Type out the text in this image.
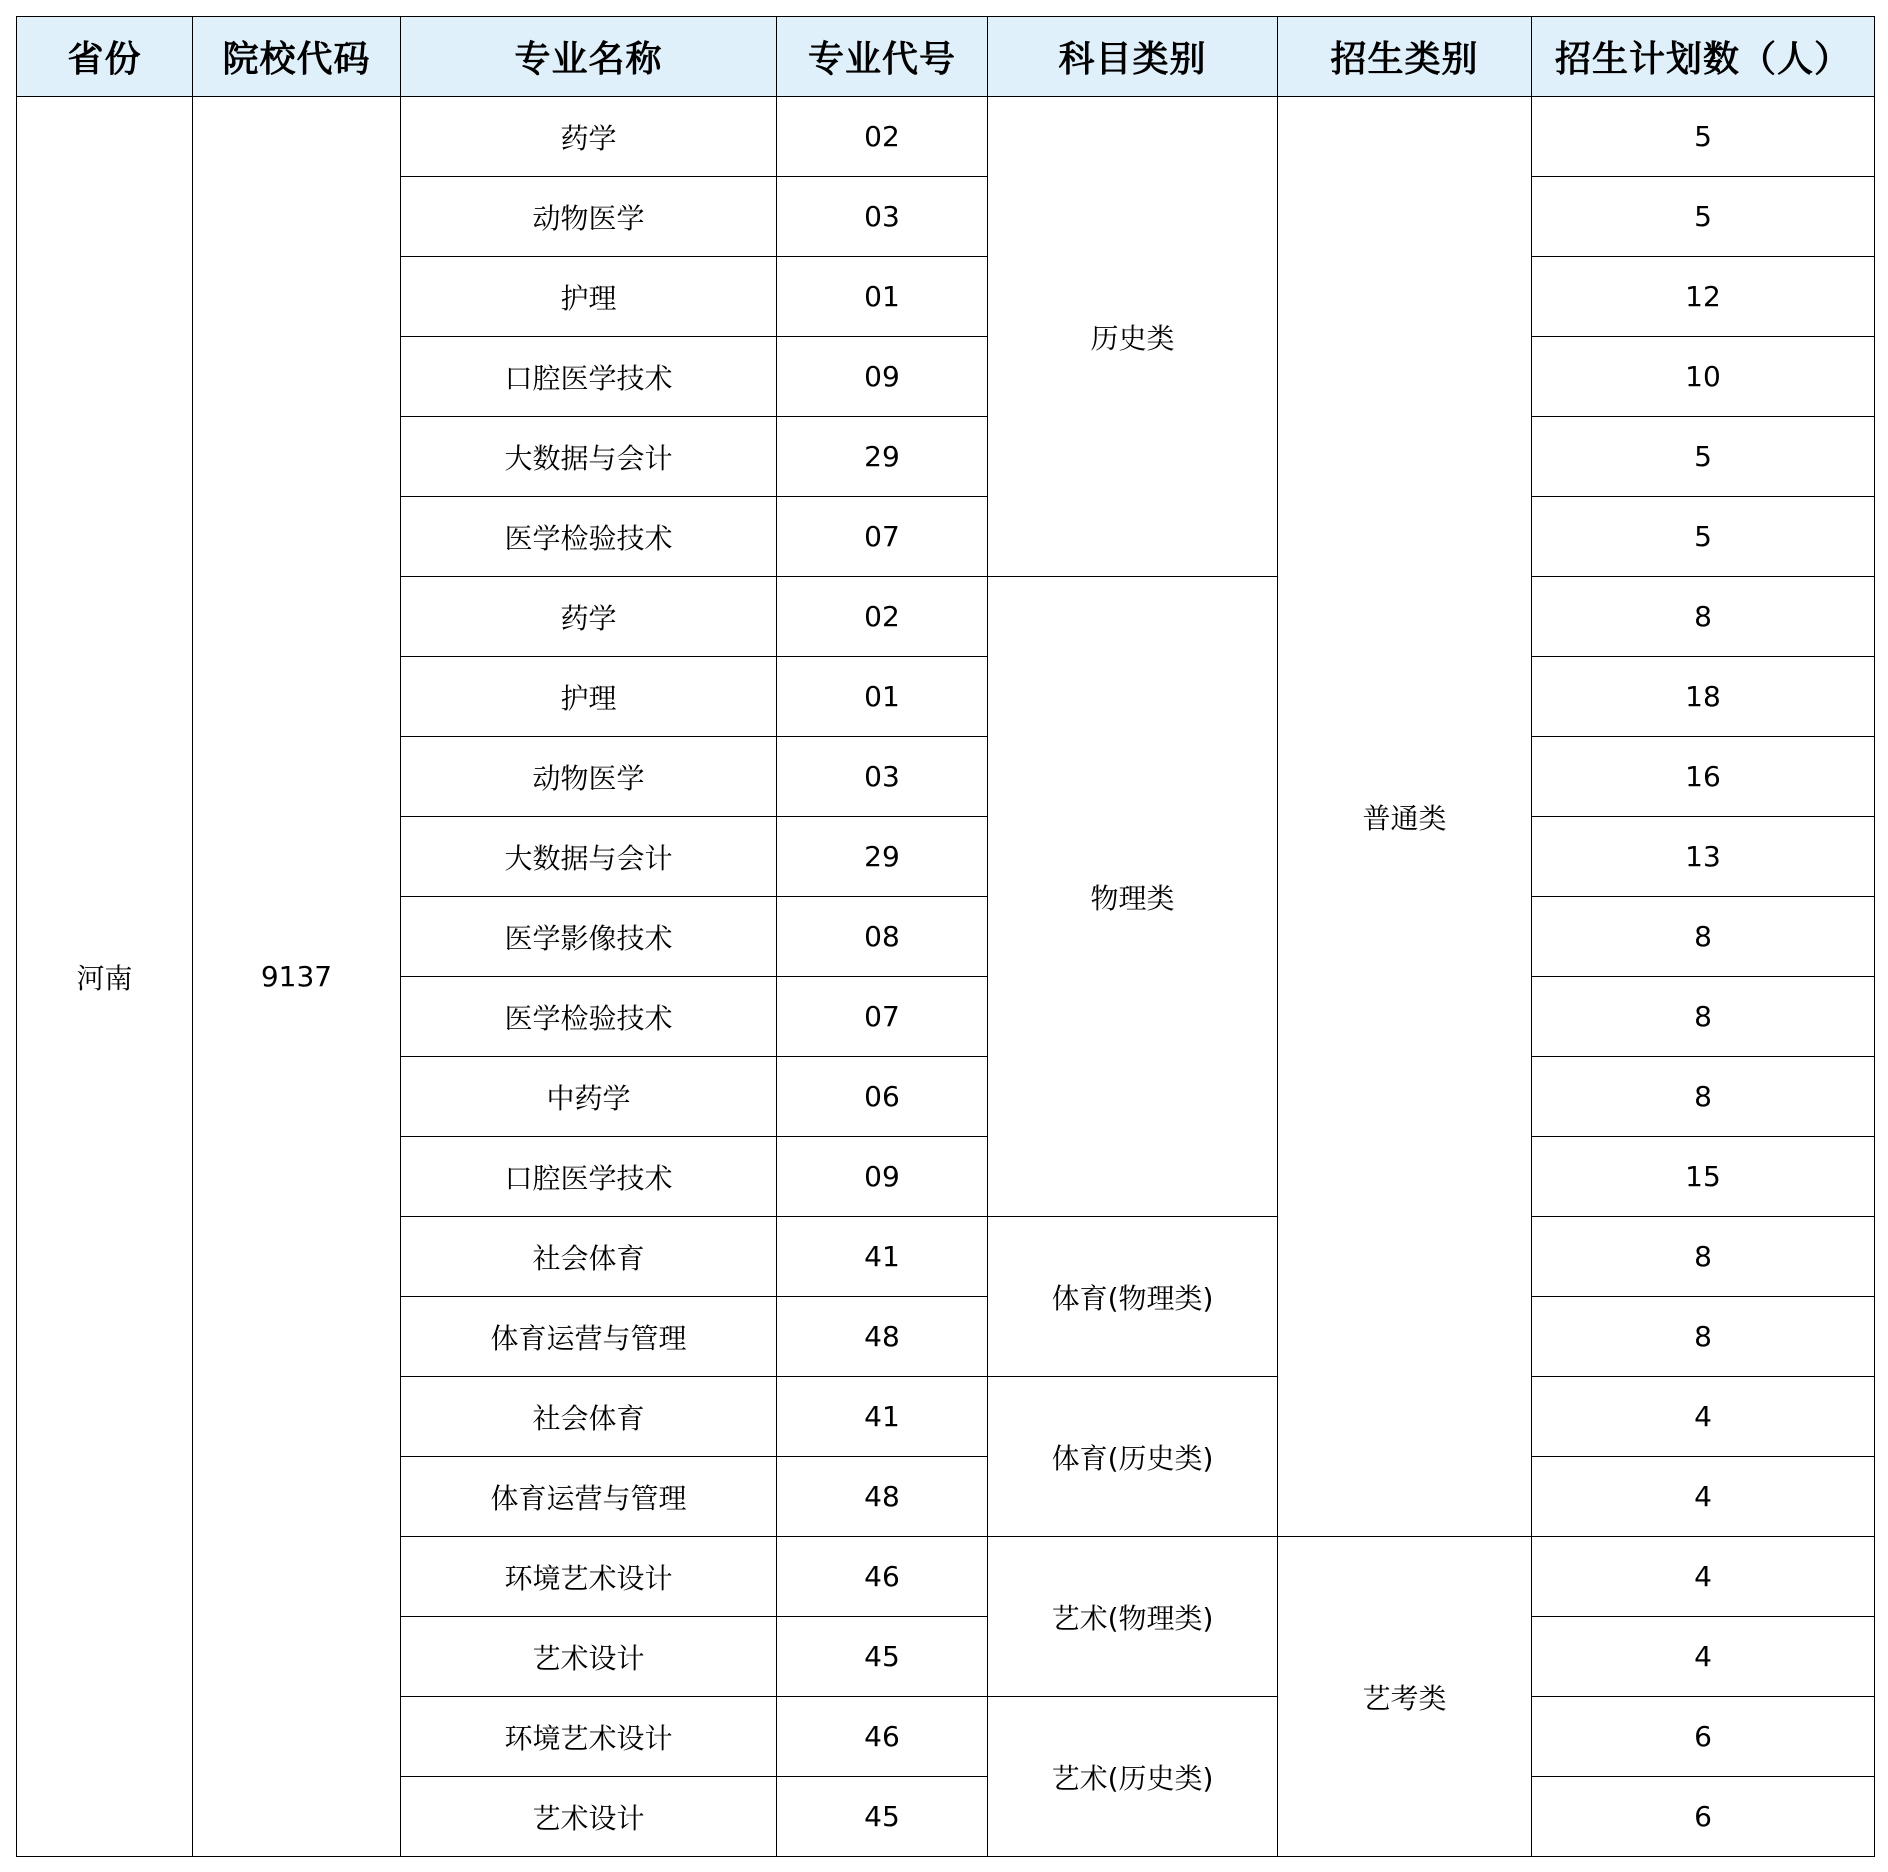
省份	院校代码	专业名称	专业代号	科目类别	招生类别	招生计划数（人）
河南	9137	药学	02	历史类	普通类	5
		动物医学	03			5
		护理	01			12
		口腔医学技术	09			10
		大数据与会计	29			5
		医学检验技术	07			5
		药学	02	物理类		8
		护理	01			18
		动物医学	03			16
		大数据与会计	29			13
		医学影像技术	08			8
		医学检验技术	07			8
		中药学	06			8
		口腔医学技术	09			15
		社会体育	41	体育(物理类)		8
		体育运营与管理	48			8
		社会体育	41	体育(历史类)		4
		体育运营与管理	48			4
		环境艺术设计	46	艺术(物理类)	艺考类	4
		艺术设计	45			4
		环境艺术设计	46	艺术(历史类)		6
		艺术设计	45			6
